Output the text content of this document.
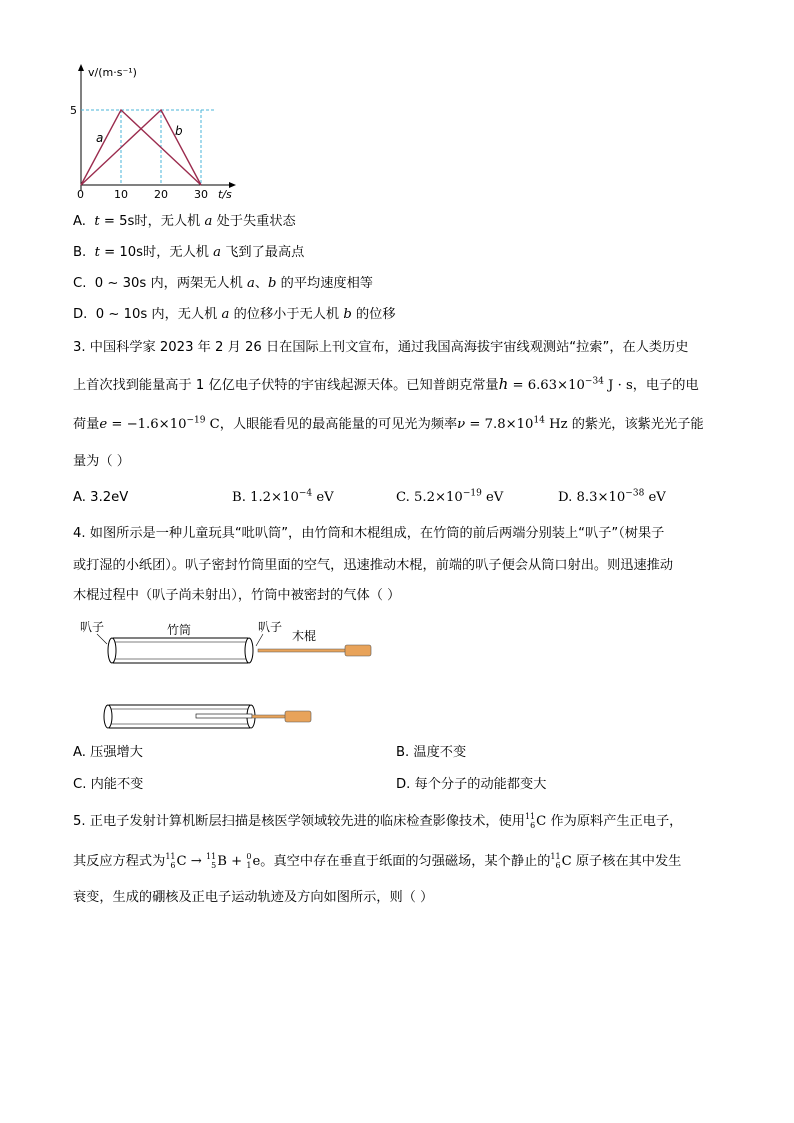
v/(m·s⁻¹)
5
t/s
0	10 20 30
a	b
A. t = 5s时，无人机 a 处于失重状态
B. t = 10s时，无人机 a 飞到了最高点
C. 0 ~ 30s 内，两架无人机 a、b 的平均速度相等
D. 0 ~ 10s 内，无人机 a 的位移小于无人机 b 的位移
3. 中国科学家 2023 年 2 月 26 日在国际上刊文宣布，通过我国高海拔宇宙线观测站“拉索”，在人类历史
上首次找到能量高于 1 亿亿电子伏特的宇宙线起源天体。已知普朗克常量$h = 6.63\times 10^{-34}$ J · s，电子的电
荷量$e = -1.6\times 10^{-19}$ C，人眼能看见的最高能量的可见光为频率$\nu = 7.8\times 10^{14}$ Hz 的紫光，该紫光光子能
量为（ ）
A. 3.2eV	B. $1.2\times 10^{-4}$ eV	C. $5.2\times 10^{-19}$ eV	D. $8.3\times 10^{-38}$ eV
4. 如图所示是一种儿童玩具“吡叭筒”，由竹筒和木棍组成，在竹筒的前后两端分别装上“叭子”（树果子
或打湿的小纸团）。叭子密封竹筒里面的空气，迅速推动木棍，前端的叭子便会从筒口射出。则迅速推动
木棍过程中（叭子尚未射出），竹筒中被密封的气体（ ）
叭子	竹筒	叭子
木棍
A. 压强增大	B. 温度不变
C. 内能不变	D. 每个分子的动能都变大
5. 正电子发射计算机断层扫描是核医学领域较先进的临床检查影像技术，使用 11
6 C 作为原料产生正电子，
其反应方程式为 11
6 C → 11
5 B + 0
1 e。真空中存在垂直于纸面的匀强磁场，某个静止的 11
6 C 原子核在其中发生
衰变，生成的硼核及正电子运动轨迹及方向如图所示，则（ ）
